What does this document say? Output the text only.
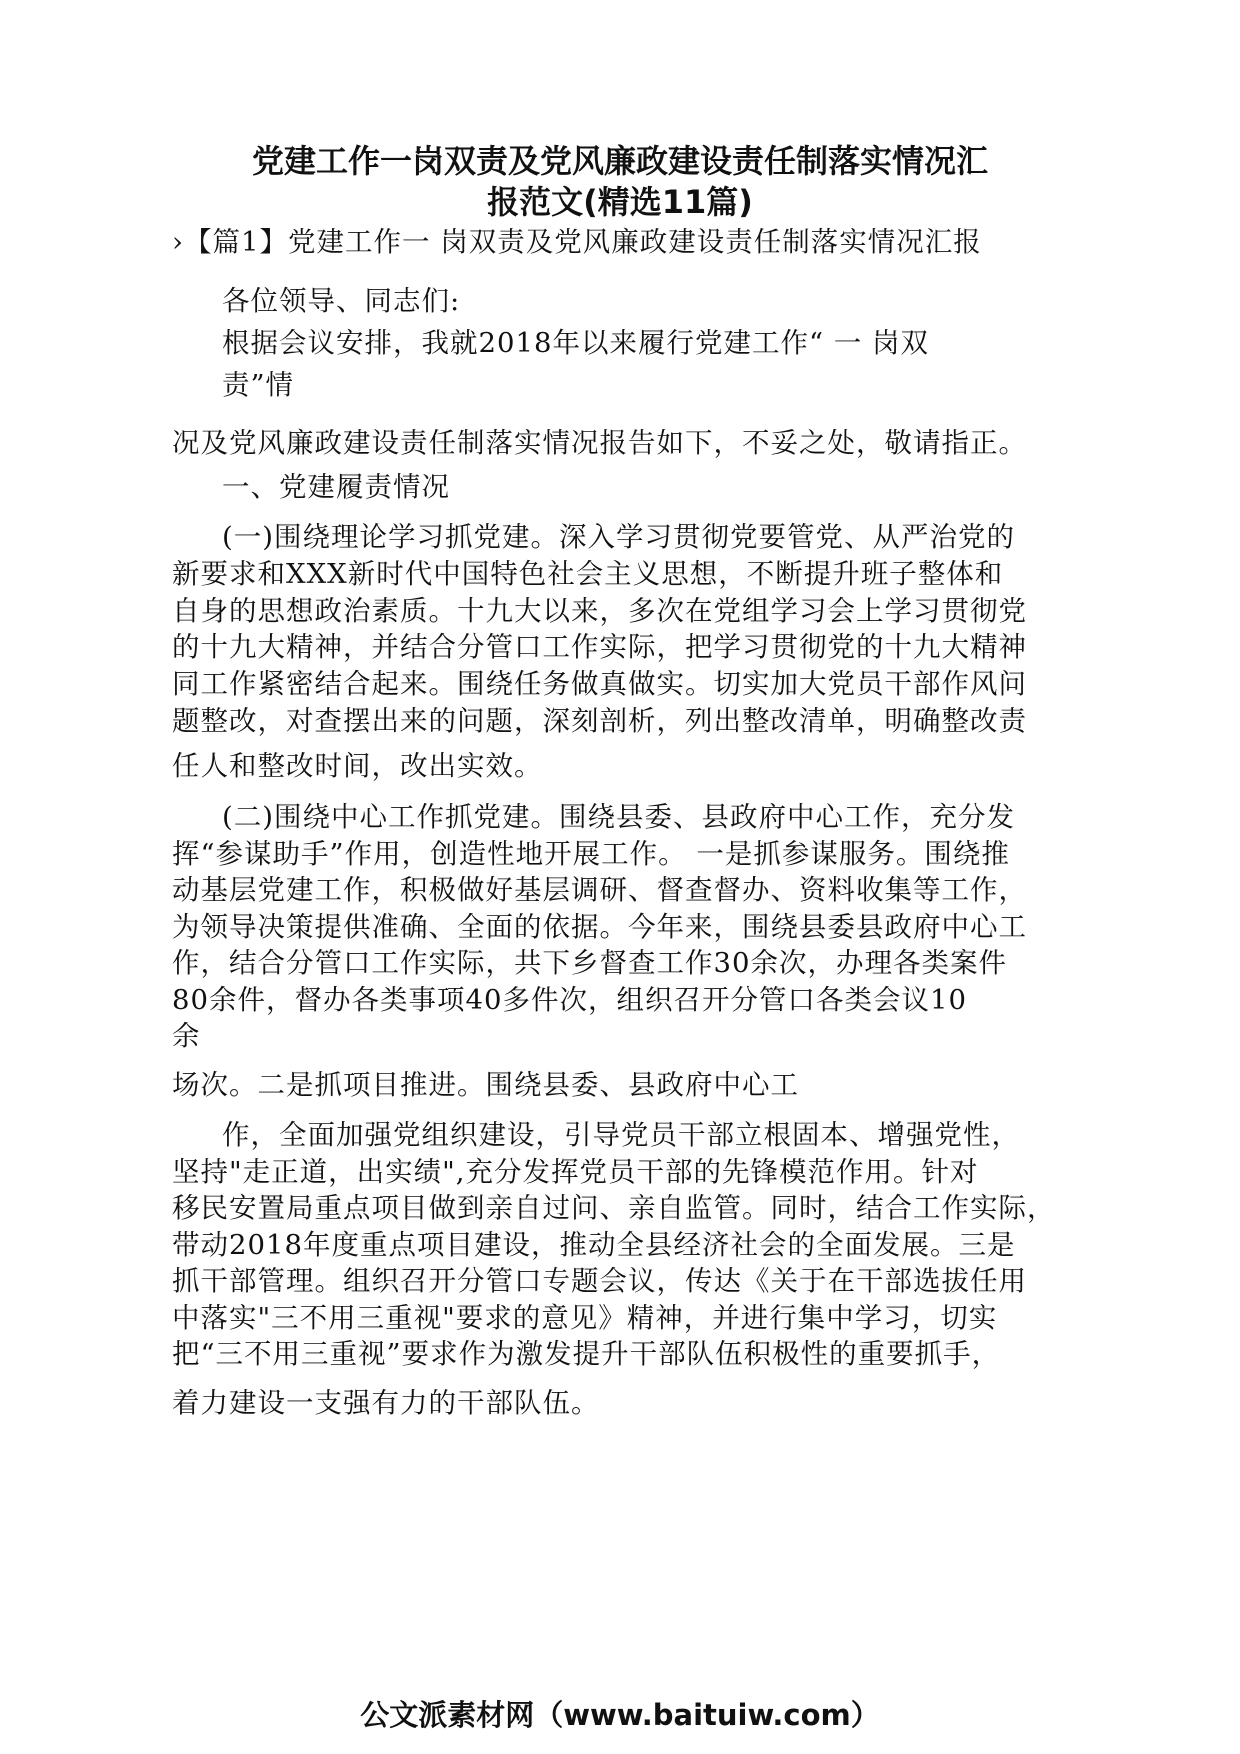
党建工作一岗双责及党风廉政建设责任制落实情况汇
报范文(精选11篇)
›【篇1】党建工作一 岗双责及党风廉政建设责任制落实情况汇报
各位领导、同志们:
根据会议安排，我就2018年以来履行党建工作“ 一 岗双
责”情
况及党风廉政建设责任制落实情况报告如下，不妥之处，敬请指正。
一、党建履责情况
(一)围绕理论学习抓党建。深入学习贯彻党要管党、从严治党的
新要求和XXX新时代中国特色社会主义思想，不断提升班子整体和
自身的思想政治素质。十九大以来，多次在党组学习会上学习贯彻党
的十九大精神，并结合分管口工作实际，把学习贯彻党的十九大精神
同工作紧密结合起来。围绕任务做真做实。切实加大党员干部作风问
题整改，对查摆出来的问题，深刻剖析，列出整改清单，明确整改责
任人和整改时间，改出实效。
(二)围绕中心工作抓党建。围绕县委、县政府中心工作，充分发
挥“参谋助手”作用，创造性地开展工作。 一是抓参谋服务。围绕推
动基层党建工作，积极做好基层调研、督查督办、资料收集等工作，
为领导决策提供准确、全面的依据。今年来，围绕县委县政府中心工
作，结合分管口工作实际，共下乡督查工作30余次，办理各类案件
80余件，督办各类事项40多件次，组织召开分管口各类会议10
余
场次。二是抓项目推进。围绕县委、县政府中心工
作，全面加强党组织建设，引导党员干部立根固本、增强党性，
坚持"走正道，出实绩",充分发挥党员干部的先锋模范作用。针对
移民安置局重点项目做到亲自过问、亲自监管。同时，结合工作实际，
带动2018年度重点项目建设，推动全县经济社会的全面发展。三是
抓干部管理。组织召开分管口专题会议，传达《关于在干部选拔任用
中落实"三不用三重视"要求的意见》精神，并进行集中学习，切实
把“三不用三重视”要求作为激发提升干部队伍积极性的重要抓手，
着力建设一支强有力的干部队伍。
公文派素材网（www.baituiw.com）
